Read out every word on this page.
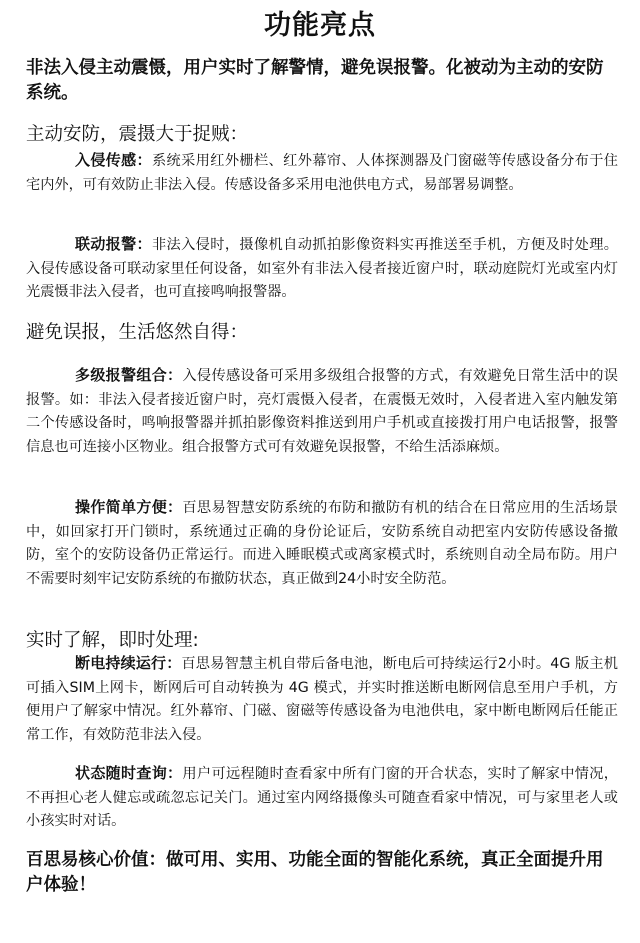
功能亮点

非法入侵主动震慑，用户实时了解警情，避免误报警。化被动为主动的安防系统。

主动安防，震摄大于捉贼：

入侵传感：系统采用红外栅栏、红外幕帘、人体探测器及门窗磁等传感设备分布于住宅内外，可有效防止非法入侵。传感设备多采用电池供电方式，易部署易调整。

联动报警：非法入侵时，摄像机自动抓拍影像资料实再推送至手机，方便及时处理。入侵传感设备可联动家里任何设备，如室外有非法入侵者接近窗户时，联动庭院灯光或室内灯光震慑非法入侵者，也可直接鸣响报警器。

避免误报，生活悠然自得：

多级报警组合：入侵传感设备可采用多级组合报警的方式，有效避免日常生活中的误报警。如：非法入侵者接近窗户时，亮灯震慑入侵者，在震慑无效时，入侵者进入室内触发第二个传感设备时，鸣响报警器并抓拍影像资料推送到用户手机或直接拨打用户电话报警，报警信息也可连接小区物业。组合报警方式可有效避免误报警，不给生活添麻烦。

操作简单方便：百思易智慧安防系统的布防和撤防有机的结合在日常应用的生活场景中，如回家打开门锁时，系统通过正确的身份论证后，安防系统自动把室内安防传感设备撤防，室个的安防设备仍正常运行。而进入睡眠模式或离家模式时，系统则自动全局布防。用户不需要时刻牢记安防系统的布撤防状态，真正做到24小时安全防范。

实时了解，即时处理:

断电持续运行：百思易智慧主机自带后备电池，断电后可持续运行2小时。4G 版主机可插入SIM上网卡，断网后可自动转换为 4G 模式，并实时推送断电断网信息至用户手机，方便用户了解家中情况。红外幕帘、门磁、窗磁等传感设备为电池供电，家中断电断网后任能正常工作，有效防范非法入侵。

状态随时查询：用户可远程随时查看家中所有门窗的开合状态，实时了解家中情况，不再担心老人健忘或疏忽忘记关门。通过室内网络摄像头可随查看家中情况，可与家里老人或小孩实时对话。

百思易核心价值：做可用、实用、功能全面的智能化系统，真正全面提升用户体验！
